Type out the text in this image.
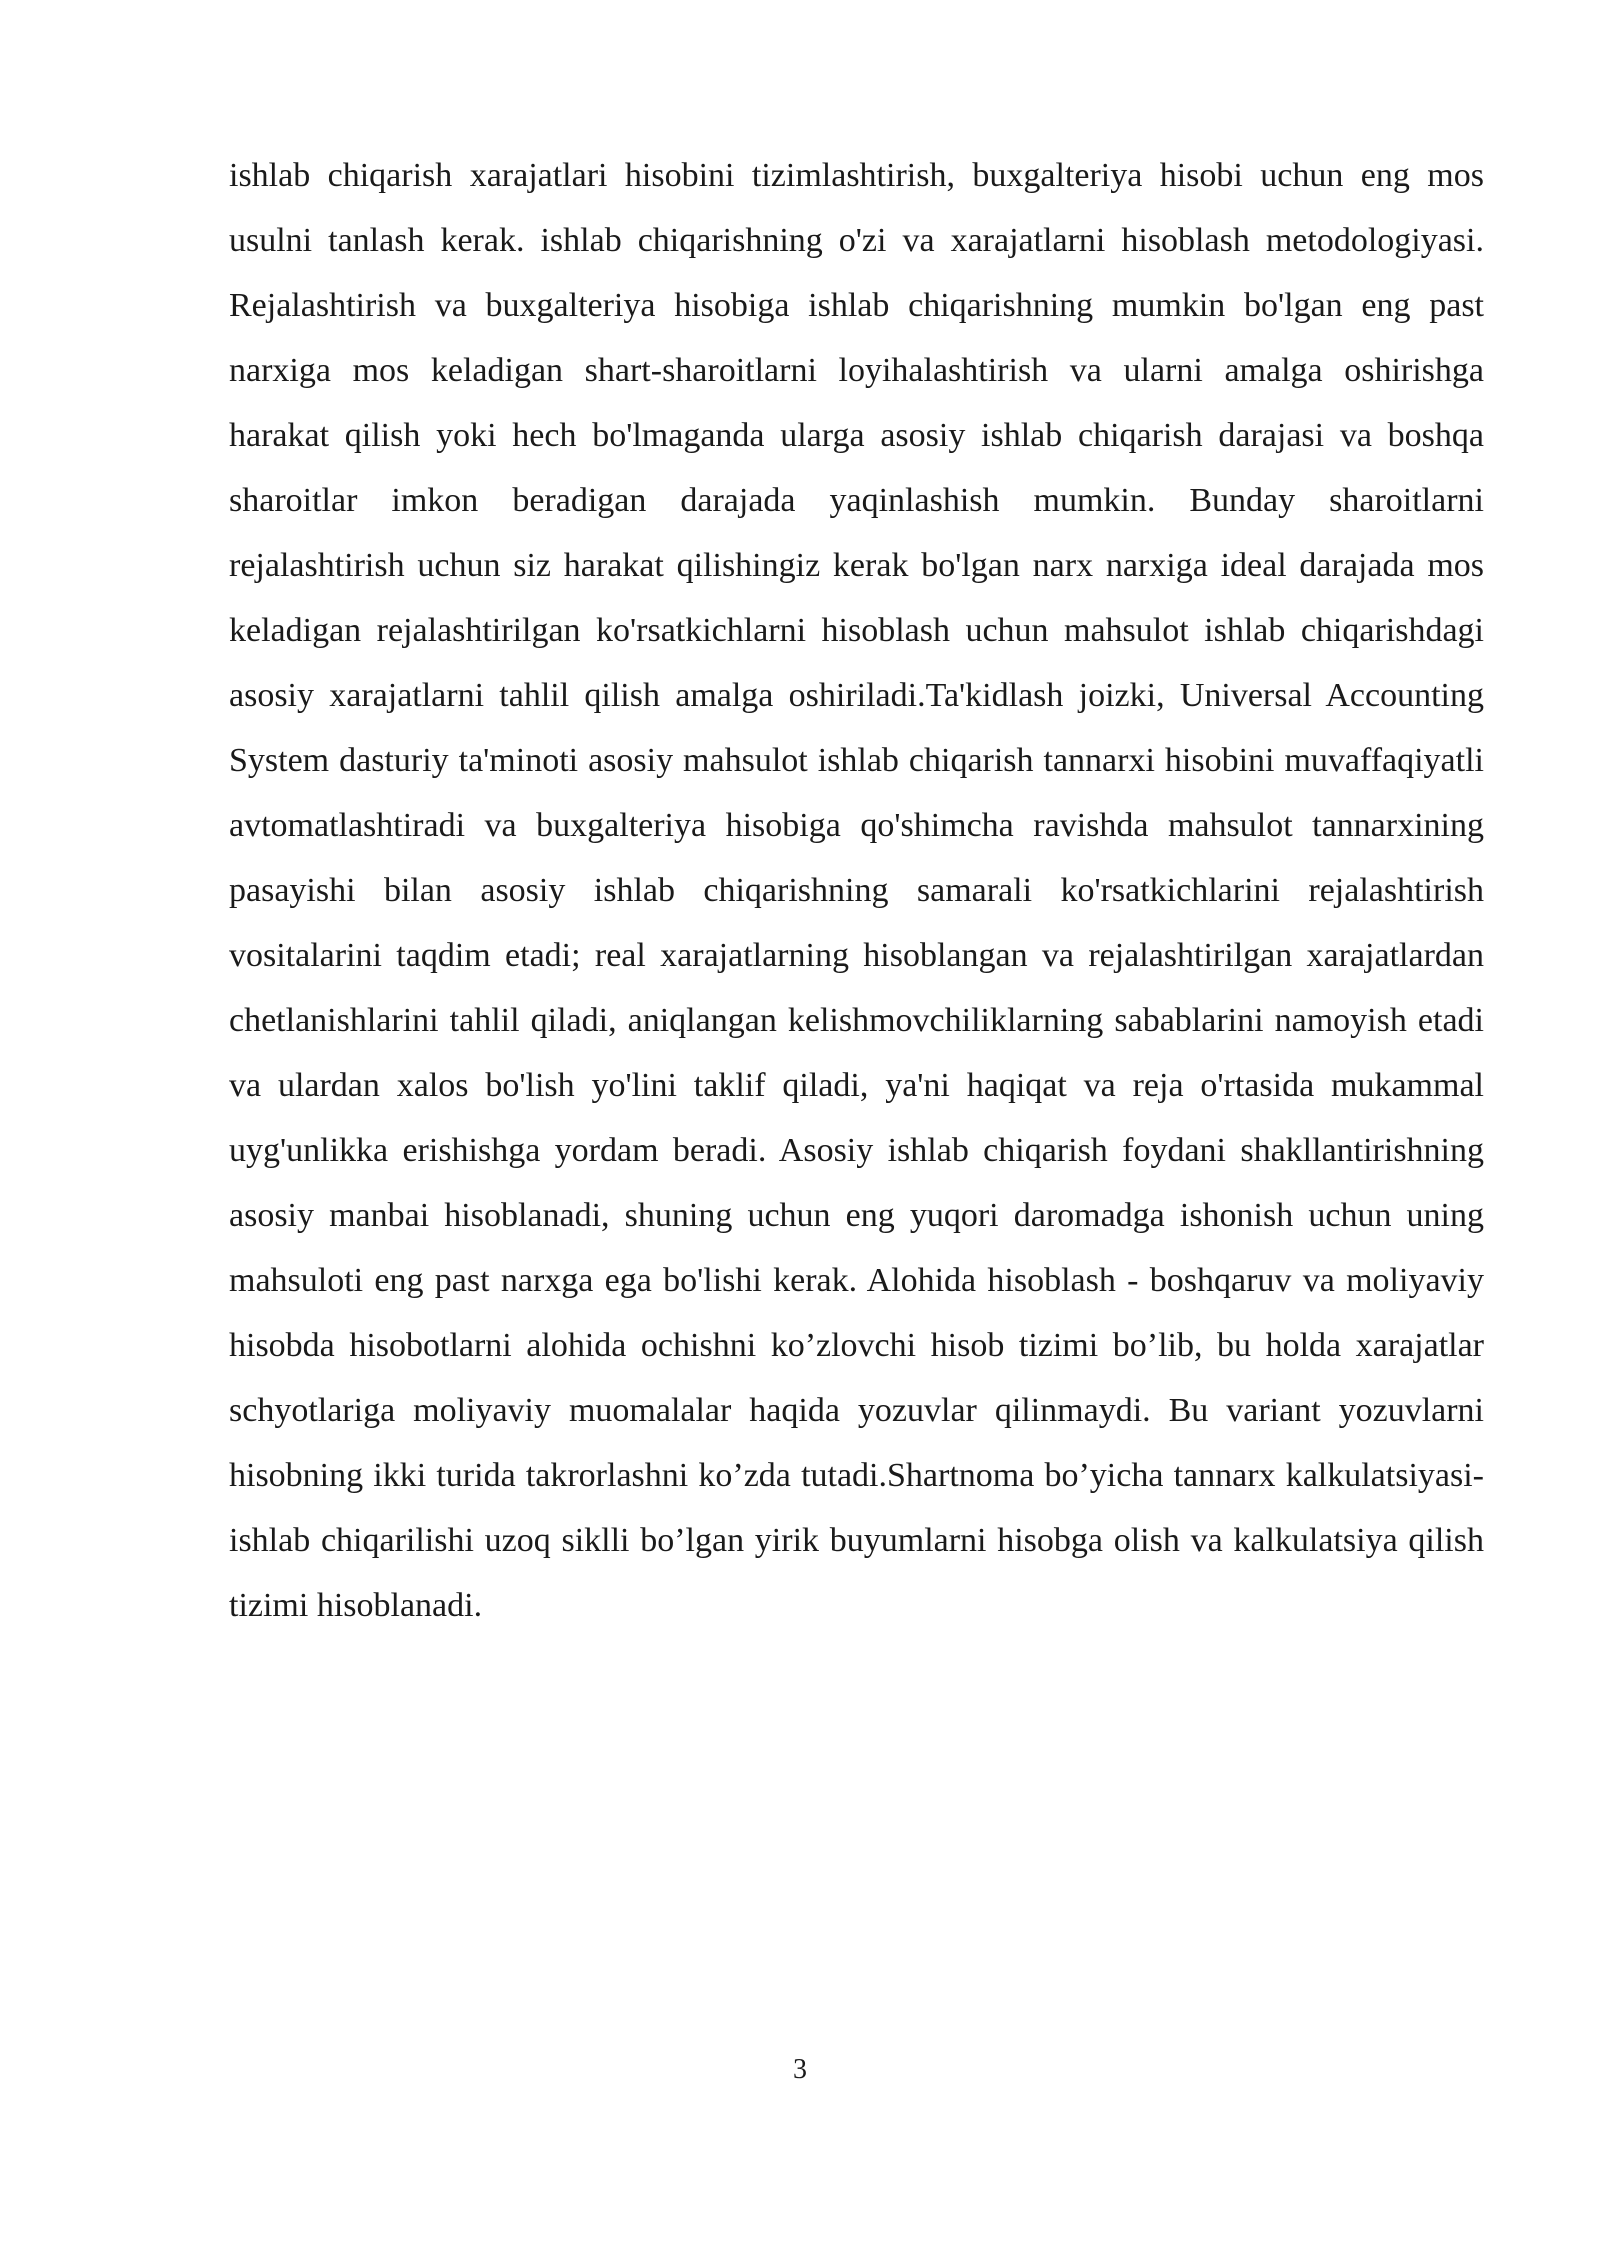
ishlab chiqarish xarajatlari hisobini tizimlashtirish, buxgalteriya hisobi uchun eng mos usulni tanlash kerak. ishlab chiqarishning o'zi va xarajatlarni hisoblash metodologiyasi. Rejalashtirish va buxgalteriya hisobiga ishlab chiqarishning mumkin bo'lgan eng past narxiga mos keladigan shart-sharoitlarni loyihalashtirish va ularni amalga oshirishga harakat qilish yoki hech bo'lmaganda ularga asosiy ishlab chiqarish darajasi va boshqa sharoitlar imkon beradigan darajada yaqinlashish mumkin. Bunday sharoitlarni rejalashtirish uchun siz harakat qilishingiz kerak bo'lgan narx narxiga ideal darajada mos keladigan rejalashtirilgan ko'rsatkichlarni hisoblash uchun mahsulot ishlab chiqarishdagi asosiy xarajatlarni tahlil qilish amalga oshiriladi.Ta'kidlash joizki, Universal Accounting System dasturiy ta'minoti asosiy mahsulot ishlab chiqarish tannarxi hisobini muvaffaqiyatli avtomatlashtiradi va buxgalteriya hisobiga qo'shimcha ravishda mahsulot tannarxining pasayishi bilan asosiy ishlab chiqarishning samarali ko'rsatkichlarini rejalashtirish vositalarini taqdim etadi; real xarajatlarning hisoblangan va rejalashtirilgan xarajatlardan chetlanishlarini tahlil qiladi, aniqlangan kelishmovchiliklarning sabablarini namoyish etadi va ulardan xalos bo'lish yo'lini taklif qiladi, ya'ni haqiqat va reja o'rtasida mukammal uyg'unlikka erishishga yordam beradi. Asosiy ishlab chiqarish foydani shakllantirishning asosiy manbai hisoblanadi, shuning uchun eng yuqori daromadga ishonish uchun uning mahsuloti eng past narxga ega bo'lishi kerak. Alohida hisoblash - boshqaruv va moliyaviy hisobda hisobotlarni alohida ochishni ko’zlovchi hisob tizimi bo’lib, bu holda xarajatlar schyotlariga moliyaviy muomalalar haqida yozuvlar qilinmaydi. Bu variant yozuvlarni hisobning ikki turida takrorlashni ko’zda tutadi.Shartnoma bo’yicha tannarx kalkulatsiyasi- ishlab chiqarilishi uzoq siklli bo’lgan yirik buyumlarni hisobga olish va kalkulatsiya qilish tizimi hisoblanadi.

3
